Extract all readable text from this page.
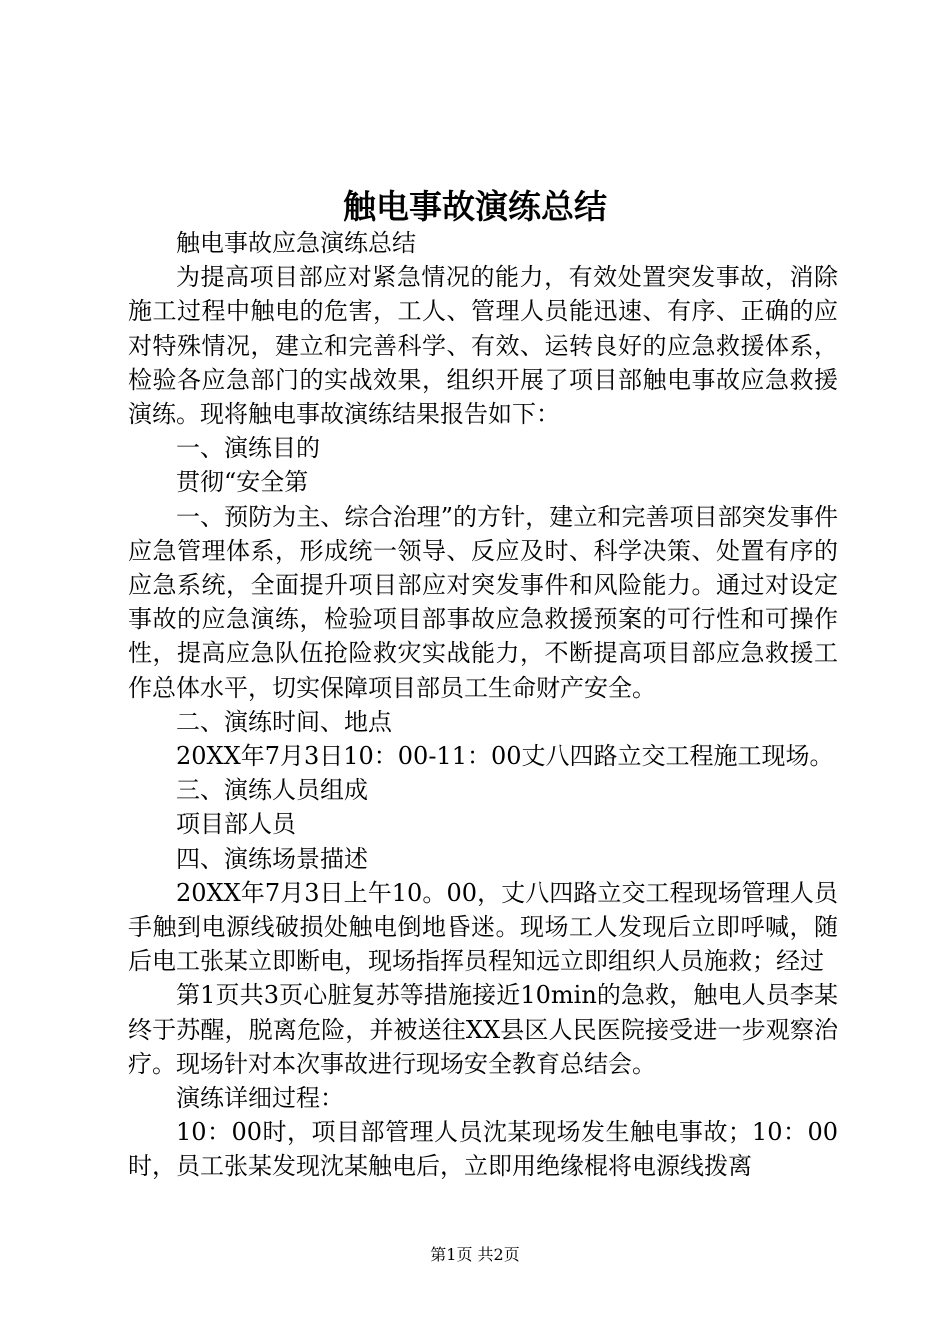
触电事故演练总结

触电事故应急演练总结

为提高项目部应对紧急情况的能力，有效处置突发事故，消除施工过程中触电的危害，工人、管理人员能迅速、有序、正确的应对特殊情况，建立和完善科学、有效、运转良好的应急救援体系，检验各应急部门的实战效果，组织开展了项目部触电事故应急救援演练。现将触电事故演练结果报告如下：

一、演练目的

贯彻“安全第

一、预防为主、综合治理”的方针，建立和完善项目部突发事件应急管理体系，形成统一领导、反应及时、科学决策、处置有序的应急系统，全面提升项目部应对突发事件和风险能力。通过对设定事故的应急演练，检验项目部事故应急救援预案的可行性和可操作性，提高应急队伍抢险救灾实战能力，不断提高项目部应急救援工作总体水平，切实保障项目部员工生命财产安全。

二、演练时间、地点

20XX年7月3日10：00-11：00丈八四路立交工程施工现场。

三、演练人员组成

项目部人员

四、演练场景描述

20XX年7月3日上午10。00，丈八四路立交工程现场管理人员手触到电源线破损处触电倒地昏迷。现场工人发现后立即呼喊，随后电工张某立即断电，现场指挥员程知远立即组织人员施救；经过

第1页共3页心脏复苏等措施接近10min的急救，触电人员李某终于苏醒，脱离危险，并被送往XX县区人民医院接受进一步观察治疗。现场针对本次事故进行现场安全教育总结会。

演练详细过程：

10：00时，项目部管理人员沈某现场发生触电事故；10：00时，员工张某发现沈某触电后，立即用绝缘棍将电源线拨离

第1页 共2页
